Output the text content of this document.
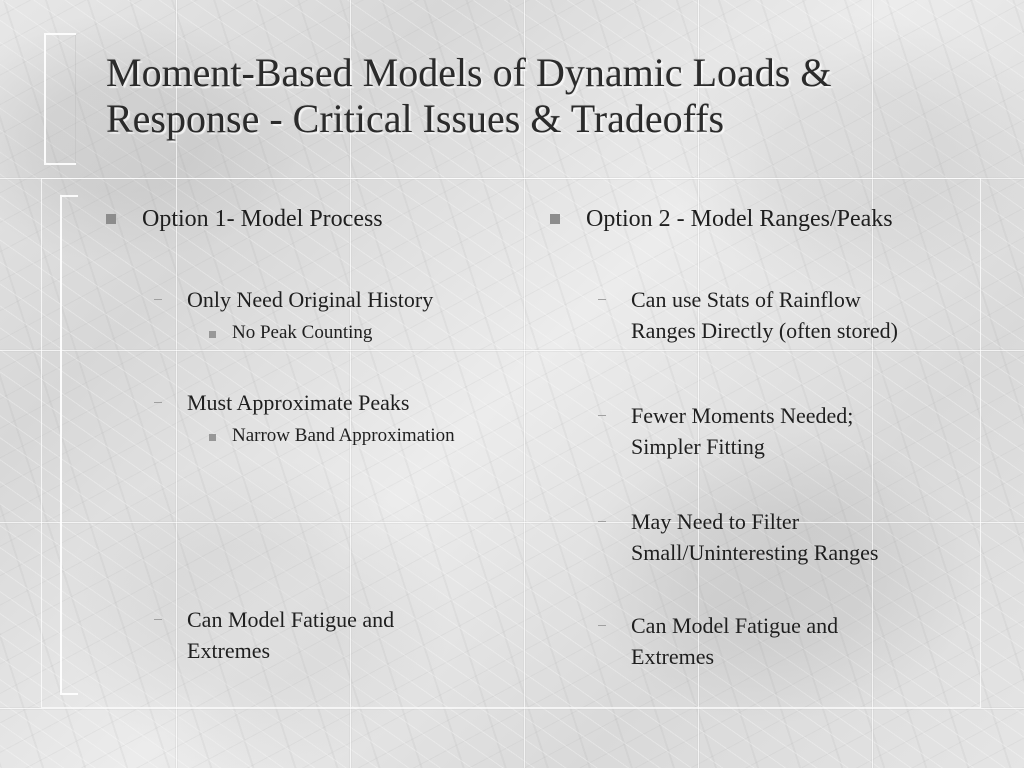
Moment-Based Models of Dynamic Loads &
Response - Critical Issues & Tradeoffs
Option 1- Model Process
Only Need Original History
No Peak Counting
Must Approximate Peaks
Narrow Band Approximation
Can Model Fatigue and
Extremes
Option 2 - Model Ranges/Peaks
Can use Stats of Rainflow
Ranges Directly (often stored)
Fewer Moments Needed;
Simpler Fitting
May Need to Filter
Small/Uninteresting Ranges
Can Model Fatigue and
Extremes
